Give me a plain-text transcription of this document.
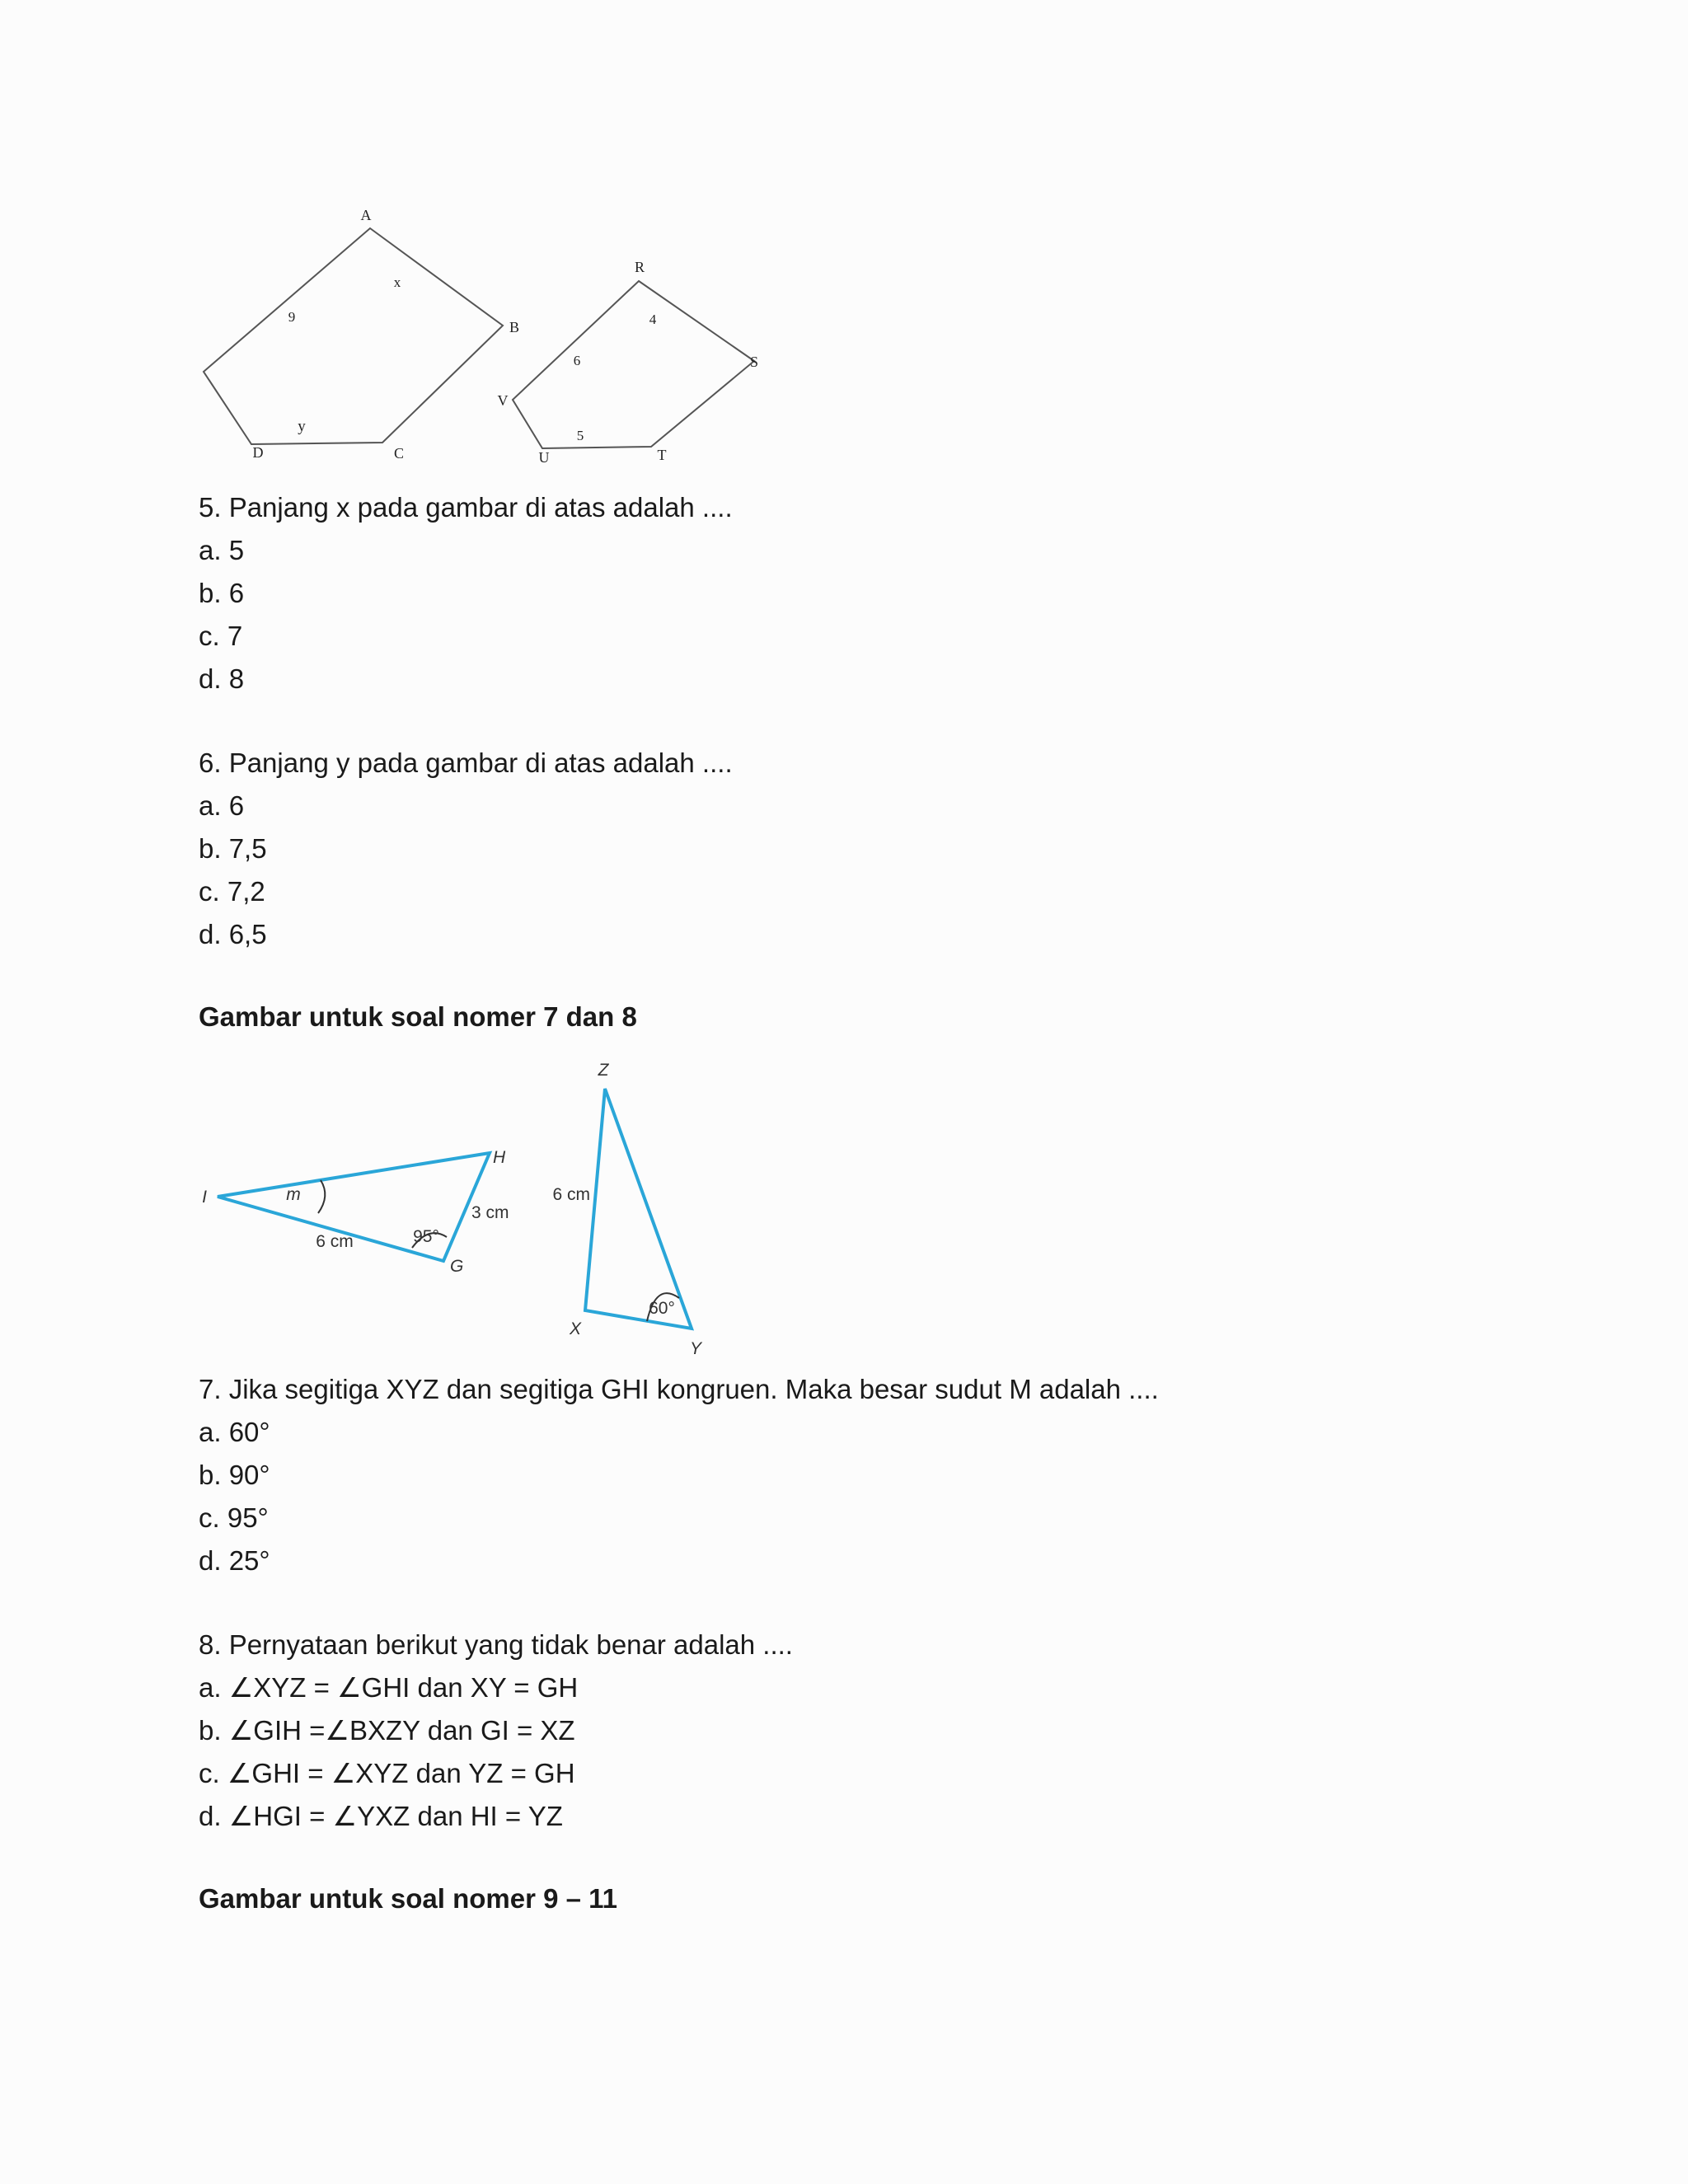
A
B
C
D
9
x
y
R
S
T
U
V
6
4
5

5. Panjang x pada gambar di atas adalah ....

a. 5

b. 6

c. 7

d. 8

6. Panjang y pada gambar di atas adalah ....

a. 6

b. 7,5

c. 7,2

d. 6,5

Gambar untuk soal nomer 7 dan 8
I
H
G
m
95°
3 cm
6 cm
Z
X
Y
6 cm
60°

7. Jika segitiga XYZ dan segitiga GHI kongruen. Maka besar sudut M adalah ....

a. 60°

b. 90°

c. 95°

d. 25°

8. Pernyataan berikut yang tidak benar adalah ....

a. ∠XYZ = ∠GHI dan XY = GH

b. ∠GIH =∠BXZY dan GI = XZ

c. ∠GHI = ∠XYZ dan YZ = GH

d. ∠HGI = ∠YXZ dan HI = YZ

Gambar untuk soal nomer 9 – 11
